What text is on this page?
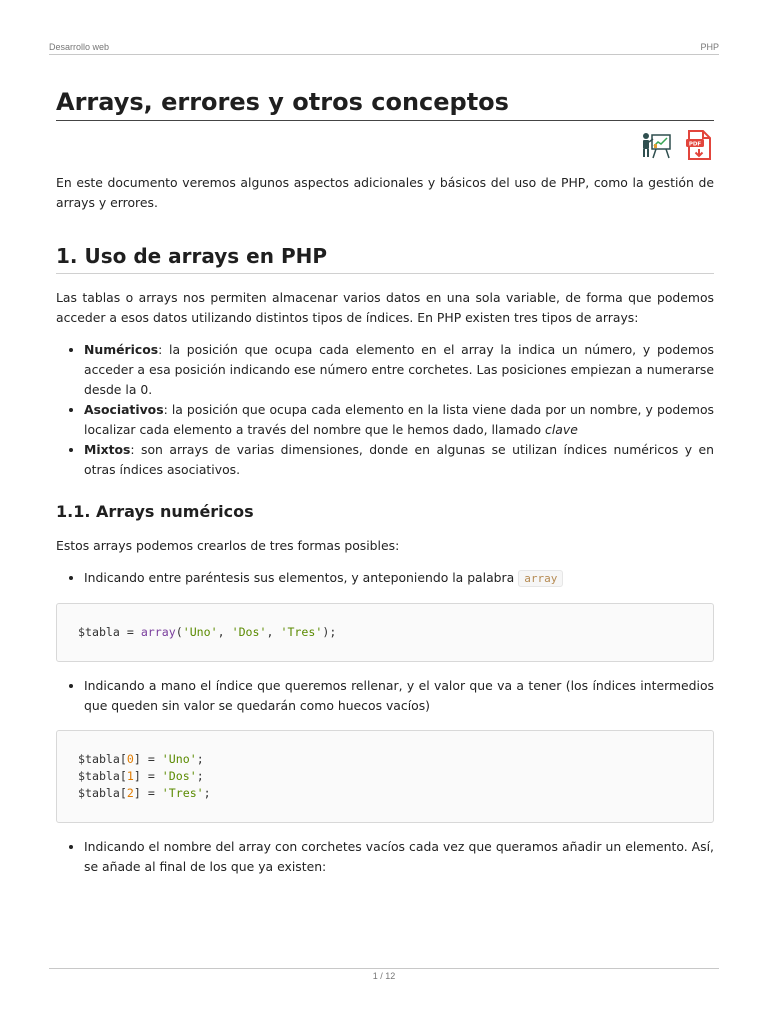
Desarrollo web	PHP
Arrays, errores y otros conceptos
PDF

En este documento veremos algunos aspectos adicionales y básicos del uso de PHP, como la gestión de arrays y errores.

1. Uso de arrays en PHP

Las tablas o arrays nos permiten almacenar varios datos en una sola variable, de forma que podemos acceder a esos datos utilizando distintos tipos de índices. En PHP existen tres tipos de arrays:

• Numéricos: la posición que ocupa cada elemento en el array la indica un número, y podemos acceder a esa posición indicando ese número entre corchetes. Las posiciones empiezan a numerarse desde la 0.
• Asociativos: la posición que ocupa cada elemento en la lista viene dada por un nombre, y podemos localizar cada elemento a través del nombre que le hemos dado, llamado clave
• Mixtos: son arrays de varias dimensiones, donde en algunas se utilizan índices numéricos y en otras índices asociativos.
1.1. Arrays numéricos

Estos arrays podemos crearlos de tres formas posibles:

• Indicando entre paréntesis sus elementos, y anteponiendo la palabra array
$tabla = array('Uno', 'Dos', 'Tres');
• Indicando a mano el índice que queremos rellenar, y el valor que va a tener (los índices intermedios que queden sin valor se quedarán como huecos vacíos)
$tabla[0] = 'Uno';
$tabla[1] = 'Dos';
$tabla[2] = 'Tres';
• Indicando el nombre del array con corchetes vacíos cada vez que queramos añadir un elemento. Así, se añade al final de los que ya existen:
1 / 12
